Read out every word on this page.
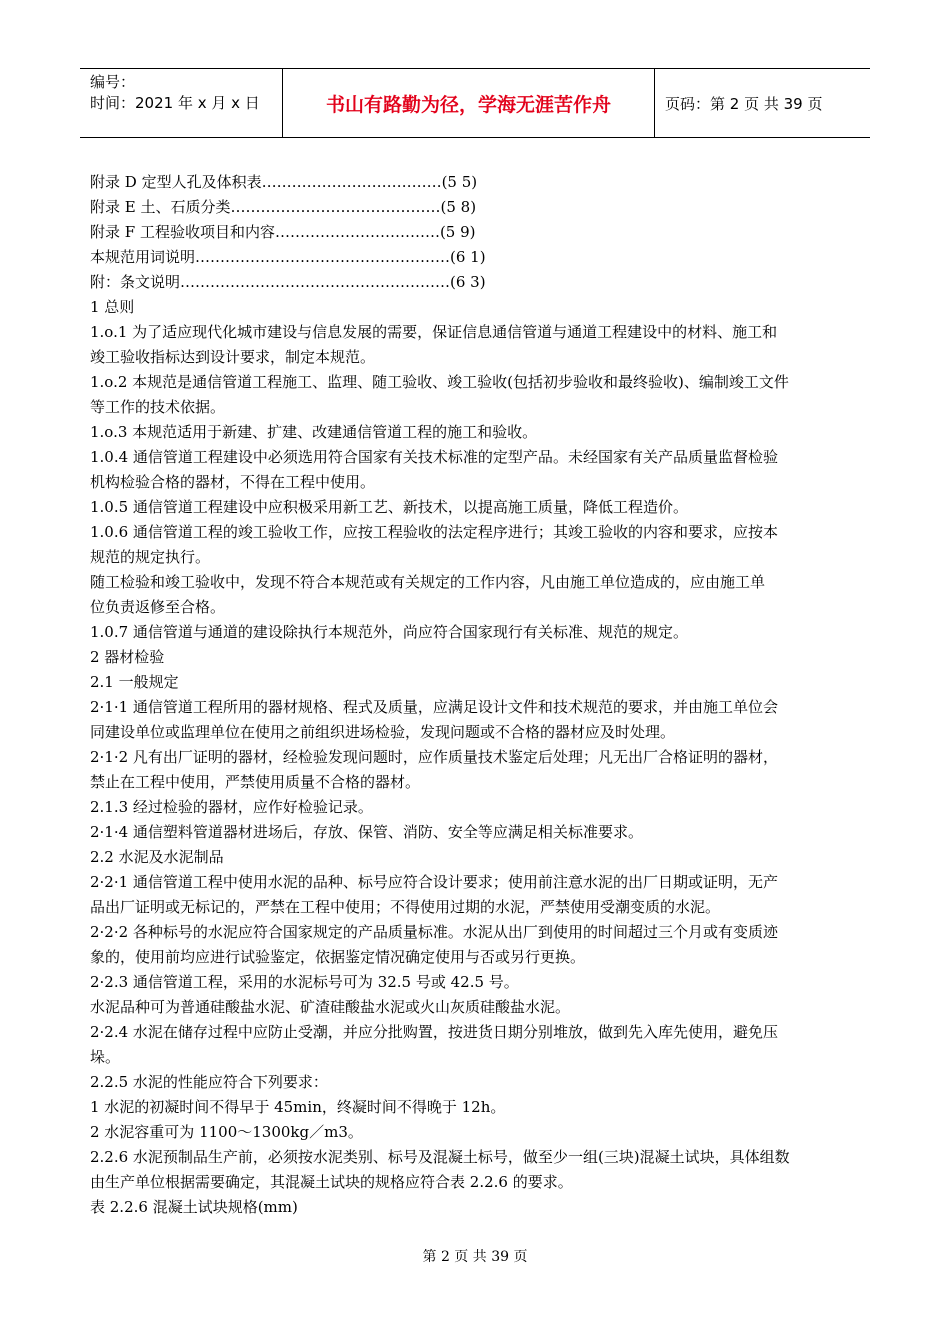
编号：
时间：2021 年 x 月 x 日	书山有路勤为径，学海无涯苦作舟	页码：第 2 页 共 39 页
附录 D 定型人孔及体积表………………………………(5 5)
附录 E 土、石质分类……………………………………(5 8)
附录 F 工程验收项目和内容……………………………(5 9)
本规范用词说明……………………………………………(6 1)
附：条文说明………………………………………………(6 3)
1 总则
1.o.1 为了适应现代化城市建设与信息发展的需要，保证信息通信管道与通道工程建设中的材料、施工和
竣工验收指标达到设计要求，制定本规范。
1.o.2 本规范是通信管道工程施工、监理、随工验收、竣工验收(包括初步验收和最终验收)、编制竣工文件
等工作的技术依据。
1.o.3 本规范适用于新建、扩建、改建通信管道工程的施工和验收。
1.0.4 通信管道工程建设中必须选用符合国家有关技术标准的定型产品。未经国家有关产品质量监督检验
机构检验合格的器材，不得在工程中使用。
1.0.5 通信管道工程建设中应积极采用新工艺、新技术，以提高施工质量，降低工程造价。
1.0.6 通信管道工程的竣工验收工作，应按工程验收的法定程序进行；其竣工验收的内容和要求，应按本
规范的规定执行。
随工检验和竣工验收中，发现不符合本规范或有关规定的工作内容，凡由施工单位造成的，应由施工单
位负责返修至合格。
1.0.7 通信管道与通道的建设除执行本规范外，尚应符合国家现行有关标准、规范的规定。
2 器材检验
2.1 一般规定
2·1·1 通信管道工程所用的器材规格、程式及质量，应满足设计文件和技术规范的要求，并由施工单位会
同建设单位或监理单位在使用之前组织进场检验，发现问题或不合格的器材应及时处理。
2·1·2 凡有出厂证明的器材，经检验发现问题时，应作质量技术鉴定后处理；凡无出厂合格证明的器材，
禁止在工程中使用，严禁使用质量不合格的器材。
2.1.3 经过检验的器材，应作好检验记录。
2·1·4 通信塑料管道器材进场后，存放、保管、消防、安全等应满足相关标准要求。
2.2 水泥及水泥制品
2·2·1 通信管道工程中使用水泥的品种、标号应符合设计要求；使用前注意水泥的出厂日期或证明，无产
品出厂证明或无标记的，严禁在工程中使用；不得使用过期的水泥，严禁使用受潮变质的水泥。
2·2·2 各种标号的水泥应符合国家规定的产品质量标准。水泥从出厂到使用的时间超过三个月或有变质迹
象的，使用前均应进行试验鉴定，依据鉴定情况确定使用与否或另行更换。
2·2.3 通信管道工程，采用的水泥标号可为 32.5 号或 42.5 号。
水泥品种可为普通硅酸盐水泥、矿渣硅酸盐水泥或火山灰质硅酸盐水泥。
2·2.4 水泥在储存过程中应防止受潮，并应分批购置，按进货日期分别堆放，做到先入库先使用，避免压
垛。
2.2.5 水泥的性能应符合下列要求：
1 水泥的初凝时间不得早于 45min，终凝时间不得晚于 12h。
2 水泥容重可为 1100～1300kg／m3。
2.2.6 水泥预制品生产前，必须按水泥类别、标号及混凝土标号，做至少一组(三块)混凝土试块，具体组数
由生产单位根据需要确定，其混凝土试块的规格应符合表 2.2.6 的要求。
表 2.2.6 混凝土试块规格(mm)
第 2 页 共 39 页
